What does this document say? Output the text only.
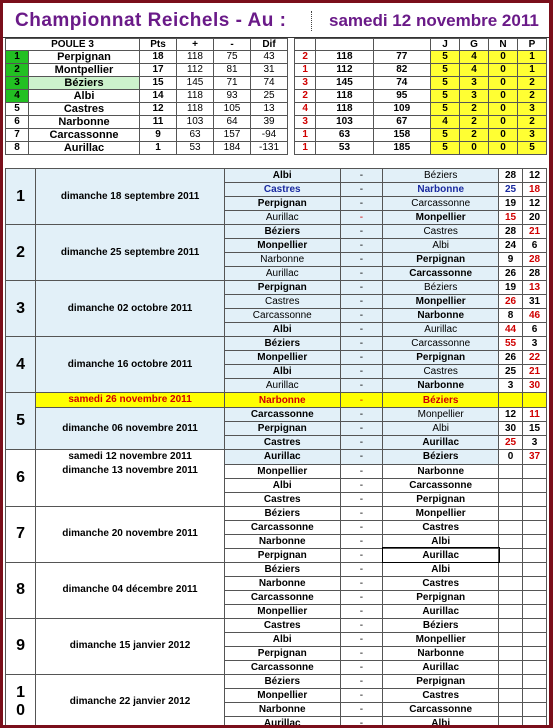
Championnat Reichels - Au :	samedi 12 novembre 2011
POULE 3		Pts	+	-	Dif					J	G	N	P
1	Perpignan	18	118	75	43		2	118	77	5	4	0	1
2	Montpellier	17	112	81	31		1	112	82	5	4	0	1
3	Béziers	15	145	71	74		3	145	74	5	3	0	2
4	Albi	14	118	93	25		2	118	95	5	3	0	2
5	Castres	12	118	105	13		4	118	109	5	2	0	3
6	Narbonne	11	103	64	39		3	103	67	4	2	0	2
7	Carcassonne	9	63	157	-94		1	63	158	5	2	0	3
8	Aurillac	1	53	184	-131		1	53	185	5	0	0	5
1	dimanche 18 septembre 2011	Albi	-	Béziers	28	12
		Castres	-	Narbonne	25	18
		Perpignan	-	Carcassonne	19	12
		Aurillac	-	Monpellier	15	20
2	dimanche 25 septembre 2011	Béziers	-	Castres	28	21
		Monpellier	-	Albi	24	6
		Narbonne	-	Perpignan	9	28
		Aurillac	-	Carcassonne	26	28
3	dimanche 02 octobre 2011	Perpignan	-	Béziers	19	13
		Castres	-	Monpellier	26	31
		Carcassonne	-	Narbonne	8	46
		Albi	-	Aurillac	44	6
4	dimanche 16 octobre 2011	Béziers	-	Carcassonne	55	3
		Monpellier	-	Perpignan	26	22
		Albi	-	Castres	25	21
		Aurillac	-	Narbonne	3	30
5	samedi 26 novembre 2011	Narbonne	-	Béziers		
	dimanche 06 novembre 2011	Carcassonne	-	Monpellier	12	11
		Perpignan	-	Albi	30	15
		Castres	-	Aurillac	25	3
6	samedi 12 novembre 2011	Aurillac	-	Béziers	0	37
	dimanche 13 novembre 2011	Monpellier	-	Narbonne		
		Albi	-	Carcassonne		
		Castres	-	Perpignan		
7	dimanche 20 novembre 2011	Béziers	-	Monpellier		
		Carcassonne	-	Castres		
		Narbonne	-	Albi		
		Perpignan	-	Aurillac		
8	dimanche 04 décembre 2011	Béziers	-	Albi		
		Narbonne	-	Castres		
		Carcassonne	-	Perpignan		
		Monpellier	-	Aurillac		
9	dimanche 15 janvier 2012	Castres	-	Béziers		
		Albi	-	Monpellier		
		Perpignan	-	Narbonne		
		Carcassonne	-	Aurillac		
1
0	dimanche 22 janvier 2012	Béziers	-	Perpignan		
		Monpellier	-	Castres		
		Narbonne	-	Carcassonne		
		Aurillac	-	Albi		
